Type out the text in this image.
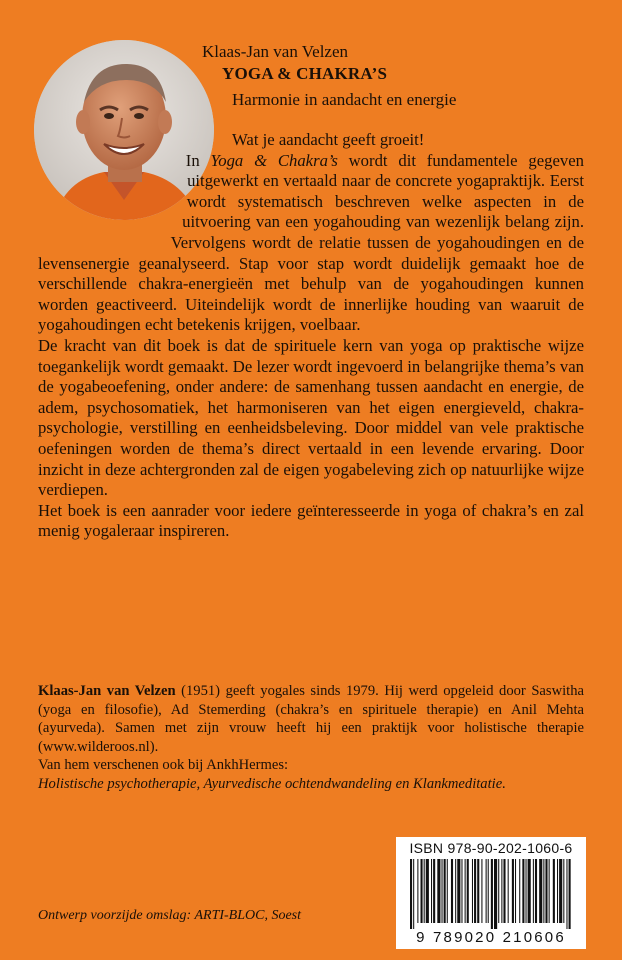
Klaas-Jan van Velzen
YOGA & CHAKRA’S
Harmonie in aandacht en energie

Wat je aandacht geeft groeit!
In Yoga & Chakra’s wordt dit fundamentele gegeven uitgewerkt en vertaald naar de concrete yogapraktijk. Eerst wordt systematisch beschreven welke aspecten in de uitvoering van een yogahouding van wezenlijk belang zijn. Vervolgens wordt de relatie tussen de yogahoudingen en de levensenergie geanalyseerd. Stap voor stap wordt duidelijk gemaakt hoe de verschillende chakra-energieën met behulp van de yogahoudingen kunnen worden geactiveerd. Uiteindelijk wordt de innerlijke houding van waaruit de yogahoudingen echt betekenis krijgen, voelbaar.

De kracht van dit boek is dat de spirituele kern van yoga op praktische wijze toegankelijk wordt gemaakt. De lezer wordt ingevoerd in belangrijke thema’s van de yogabeoefening, onder andere: de samenhang tussen aandacht en energie, de adem, psychosomatiek, het harmoniseren van het eigen energieveld, chakra-psychologie, verstilling en eenheidsbeleving. Door middel van vele praktische oefeningen worden de thema’s direct vertaald in een levende ervaring. Door inzicht in deze achtergronden zal de eigen yogabeleving zich op natuurlijke wijze verdiepen.

Het boek is een aanrader voor iedere geïnteresseerde in yoga of chakra’s en zal menig yogaleraar inspireren.

Klaas-Jan van Velzen (1951) geeft yogales sinds 1979. Hij werd opgeleid door Saswitha (yoga en filosofie), Ad Stemerding (chakra’s en spirituele therapie) en Anil Mehta (ayurveda). Samen met zijn vrouw heeft hij een praktijk voor holistische therapie (www.wilderoos.nl).

Van hem verschenen ook bij AnkhHermes:

Holistische psychotherapie, Ayurvedische ochtendwandeling en Klankmeditatie.

ISBN 978-90-202-1060-6
9 789020 210606
Ontwerp voorzijde omslag: ARTI-BLOC, Soest
